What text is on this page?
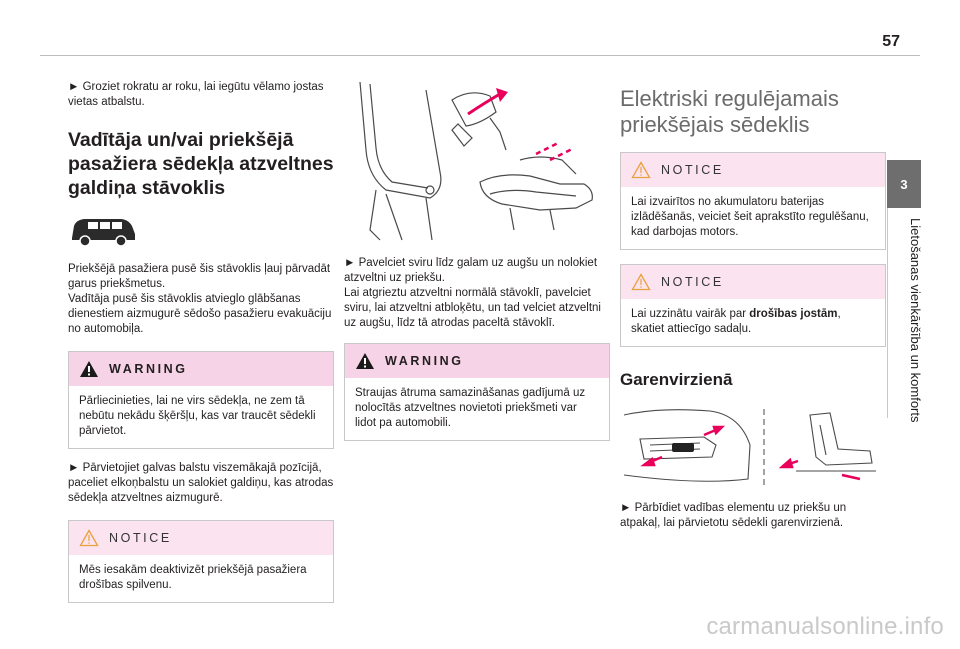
57

► Groziet rokratu ar roku, lai iegūtu vēlamo jostas vietas atbalstu.

Vadītāja un/vai priekšējā pasažiera sēdekļa atzveltnes galdiņa stāvoklis

Priekšējā pasažiera pusē šis stāvoklis ļauj pārvadāt garus priekšmetus.

Vadītāja pusē šis stāvoklis atvieglo glābšanas dienestiem aizmugurē sēdošo pasažieru evakuāciju no automobiļa.

WARNING

Pārliecinieties, lai ne virs sēdekļa, ne zem tā nebūtu nekādu šķēršļu, kas var traucēt sēdekli pārvietot.

► Pārvietojiet galvas balstu viszemākajā pozīcijā, paceliet elkoņbalstu un salokiet galdiņu, kas atrodas sēdekļa atzveltnes aizmugurē.

NOTICE

Mēs iesakām deaktivizēt priekšējā pasažiera drošības spilvenu.

► Pavelciet sviru līdz galam uz augšu un nolokiet atzveltni uz priekšu.

Lai atgrieztu atzveltni normālā stāvoklī, pavelciet sviru, lai atzveltni atbloķētu, un tad velciet atzveltni uz augšu, līdz tā atrodas paceltā stāvoklī.

WARNING

Straujas ātruma samazināšanas gadījumā uz nolocītās atzveltnes novietoti priekšmeti var lidot pa automobili.

Elektriski regulējamais priekšējais sēdeklis
NOTICE

Lai izvairītos no akumulatoru baterijas izlādēšanās, veiciet šeit aprakstīto regulēšanu, kad darbojas motors.

NOTICE

Lai uzzinātu vairāk par drošības jostām, skatiet attiecīgo sadaļu.

Garenvirzienā

► Pārbīdiet vadības elementu uz priekšu un atpakaļ, lai pārvietotu sēdekli garenvirzienā.

3
Lietošanas vienkāršība un komforts
carmanualsonline.info
